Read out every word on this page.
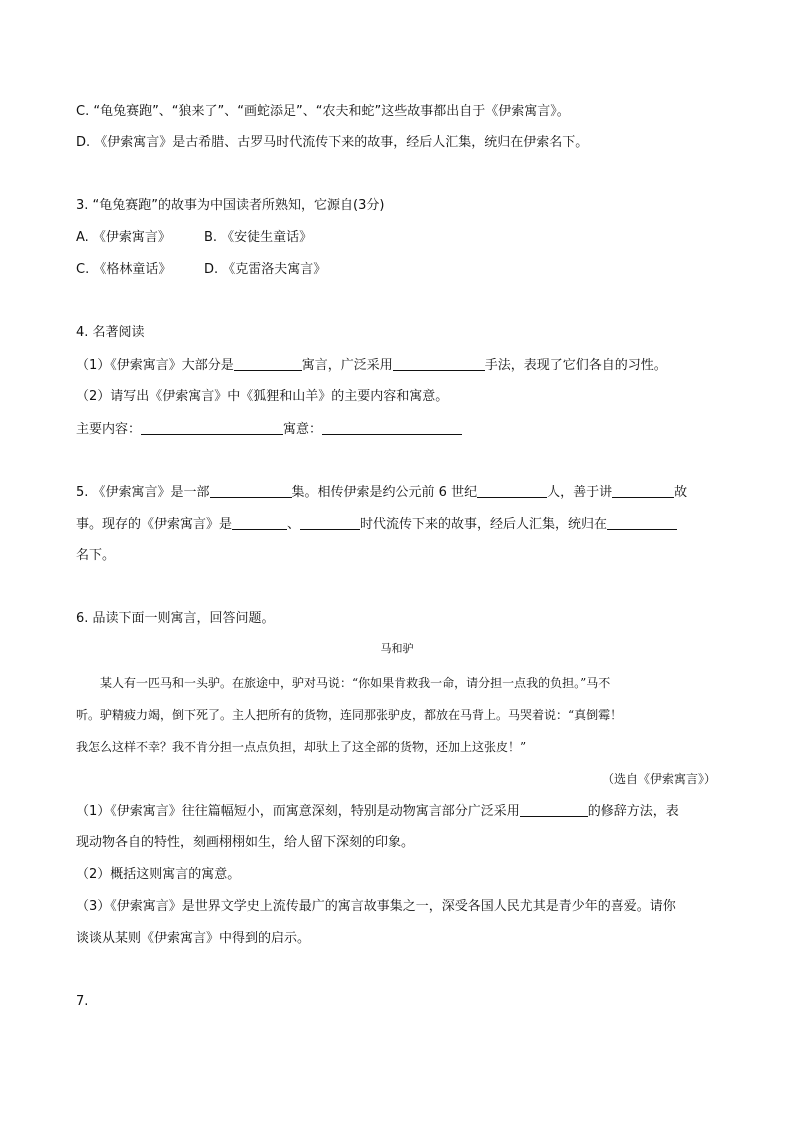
C. “龟兔赛跑”、“狼来了”、“画蛇添足”、“农夫和蛇”这些故事都出自于《伊索寓言》。
D. 《伊索寓言》是古希腊、古罗马时代流传下来的故事，经后人汇集，统归在伊索名下。
3. “龟兔赛跑”的故事为中国读者所熟知，它源自(3分)
A. 《伊索寓言》	B. 《安徒生童话》
C. 《格林童话》	D. 《克雷洛夫寓言》
4. 名著阅读
（1）《伊索寓言》大部分是	寓言，广泛采用	手法，表现了它们各自的习性。
（2）请写出《伊索寓言》中《狐狸和山羊》的主要内容和寓意。
主要内容：	寓意：
5. 《伊索寓言》是一部	集。相传伊索是约公元前 6 世纪	人，善于讲	故
事。现存的《伊索寓言》是	、	时代流传下来的故事，经后人汇集，统归在
名下。
6. 品读下面一则寓言，回答问题。
马和驴
某人有一匹马和一头驴。在旅途中，驴对马说：“你如果肯救我一命，请分担一点我的负担。”马不
听。驴精疲力竭，倒下死了。主人把所有的货物，连同那张驴皮，都放在马背上。马哭着说：“真倒霉！
我怎么这样不幸？我不肯分担一点点负担，却驮上了这全部的货物，还加上这张皮！”
（选自《伊索寓言》）
（1）《伊索寓言》往往篇幅短小，而寓意深刻，特别是动物寓言部分广泛采用	的修辞方法，表
现动物各自的特性，刻画栩栩如生，给人留下深刻的印象。
（2）概括这则寓言的寓意。
（3）《伊索寓言》是世界文学史上流传最广的寓言故事集之一，深受各国人民尤其是青少年的喜爱。请你
谈谈从某则《伊索寓言》中得到的启示。
7.
